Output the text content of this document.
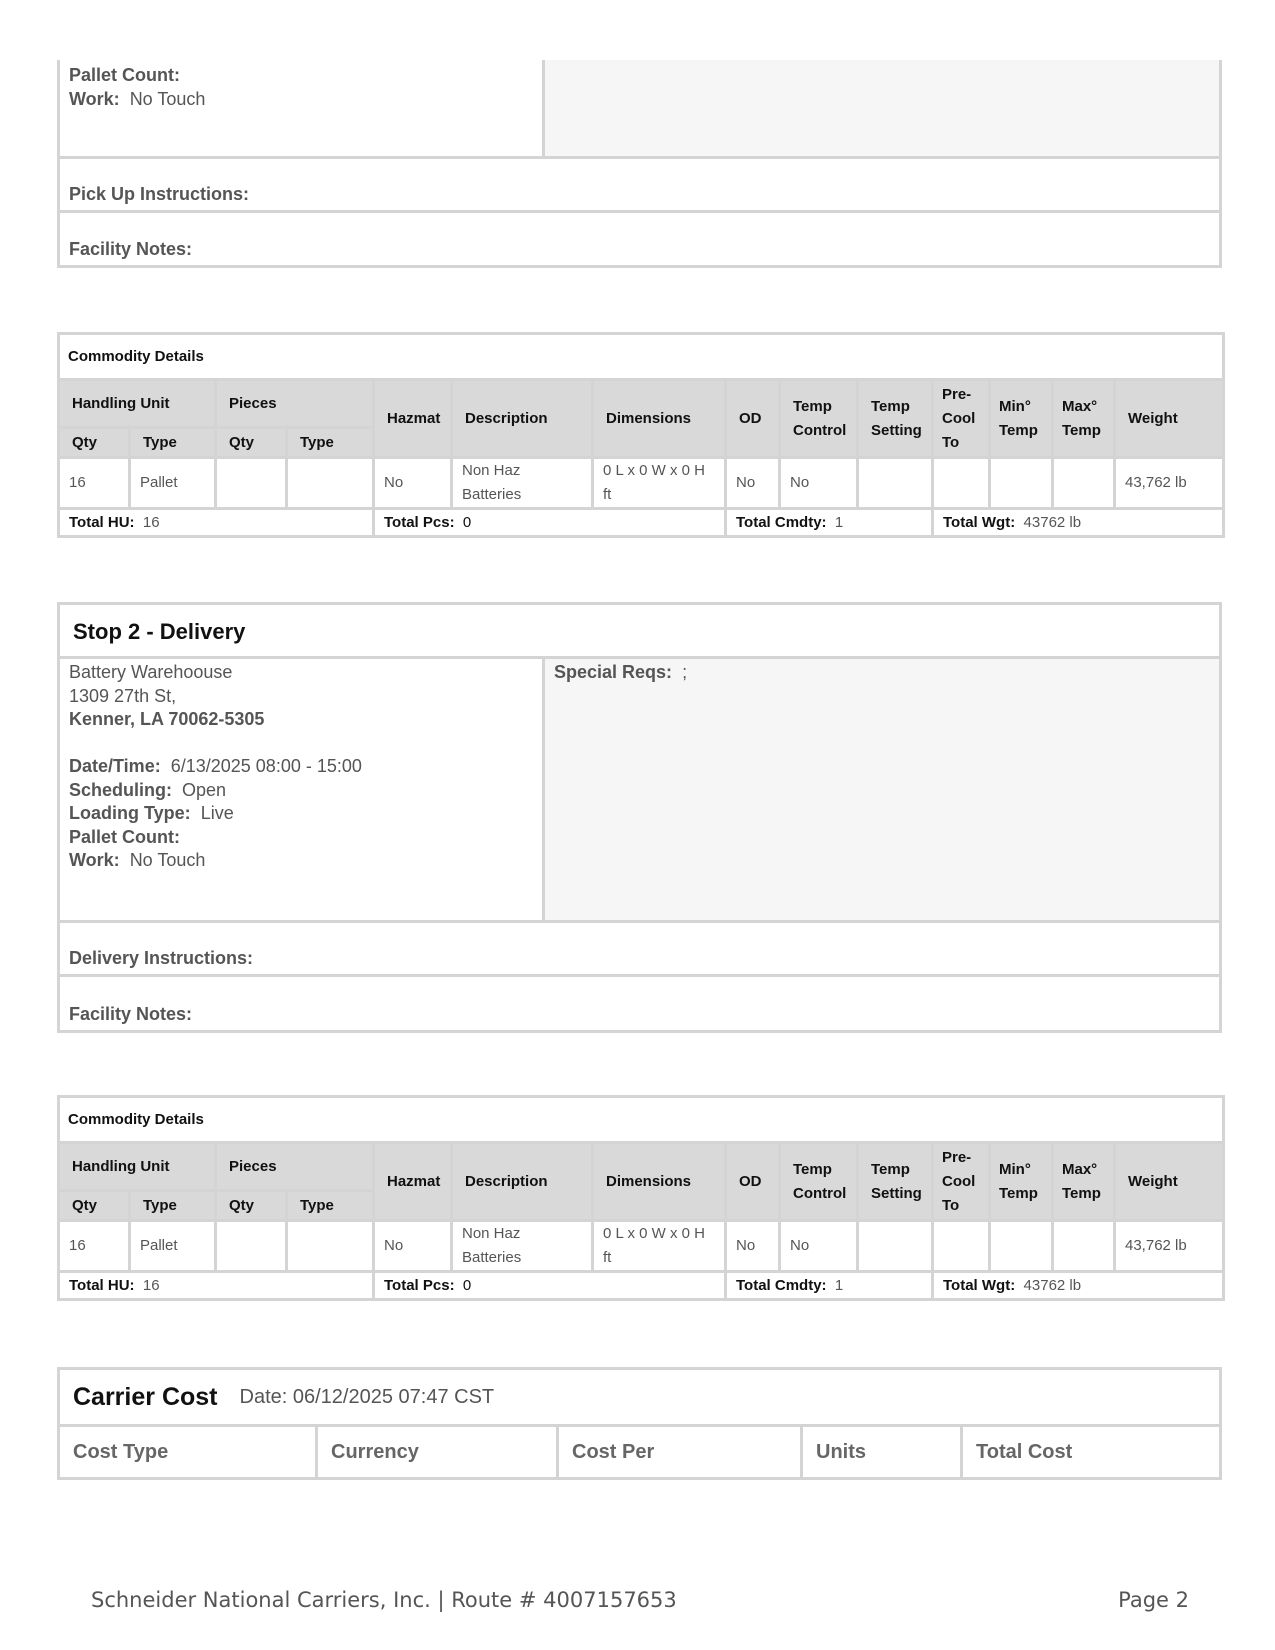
Pallet Count:
Work: No Touch
Pick Up Instructions:
Facility Notes:
Commodity Details													
Handling Unit		Pieces		Hazmat	Description	Dimensions	OD	Temp Control	Temp Setting	Pre-Cool To	Min° Temp	Max° Temp	Weight
Qty	Type	Qty	Type										
16	Pallet			No	Non Haz Batteries	0 L x 0 W x 0 H ft	No	No					43,762 lb
Total HU: 16				Total Pcs: 0			Total Cmdty: 1			Total Wgt: 43762 lb			
Stop 2 - Delivery
Battery Warehoouse
1309 27th St,
Kenner, LA 70062-5305

Date/Time: 6/13/2025 08:00 - 15:00
Scheduling: Open
Loading Type: Live
Pallet Count:
Work: No Touch
Special Reqs: ;
Delivery Instructions:
Facility Notes:
Commodity Details													
Handling Unit		Pieces		Hazmat	Description	Dimensions	OD	Temp Control	Temp Setting	Pre-Cool To	Min° Temp	Max° Temp	Weight
Qty	Type	Qty	Type										
16	Pallet			No	Non Haz Batteries	0 L x 0 W x 0 H ft	No	No					43,762 lb
Total HU: 16				Total Pcs: 0			Total Cmdty: 1			Total Wgt: 43762 lb			
Carrier Cost Date: 06/12/2025 07:47 CST
Cost Type	Currency	Cost Per	Units	Total Cost
Schneider National Carriers, Inc. | Route # 4007157653	Page 2
